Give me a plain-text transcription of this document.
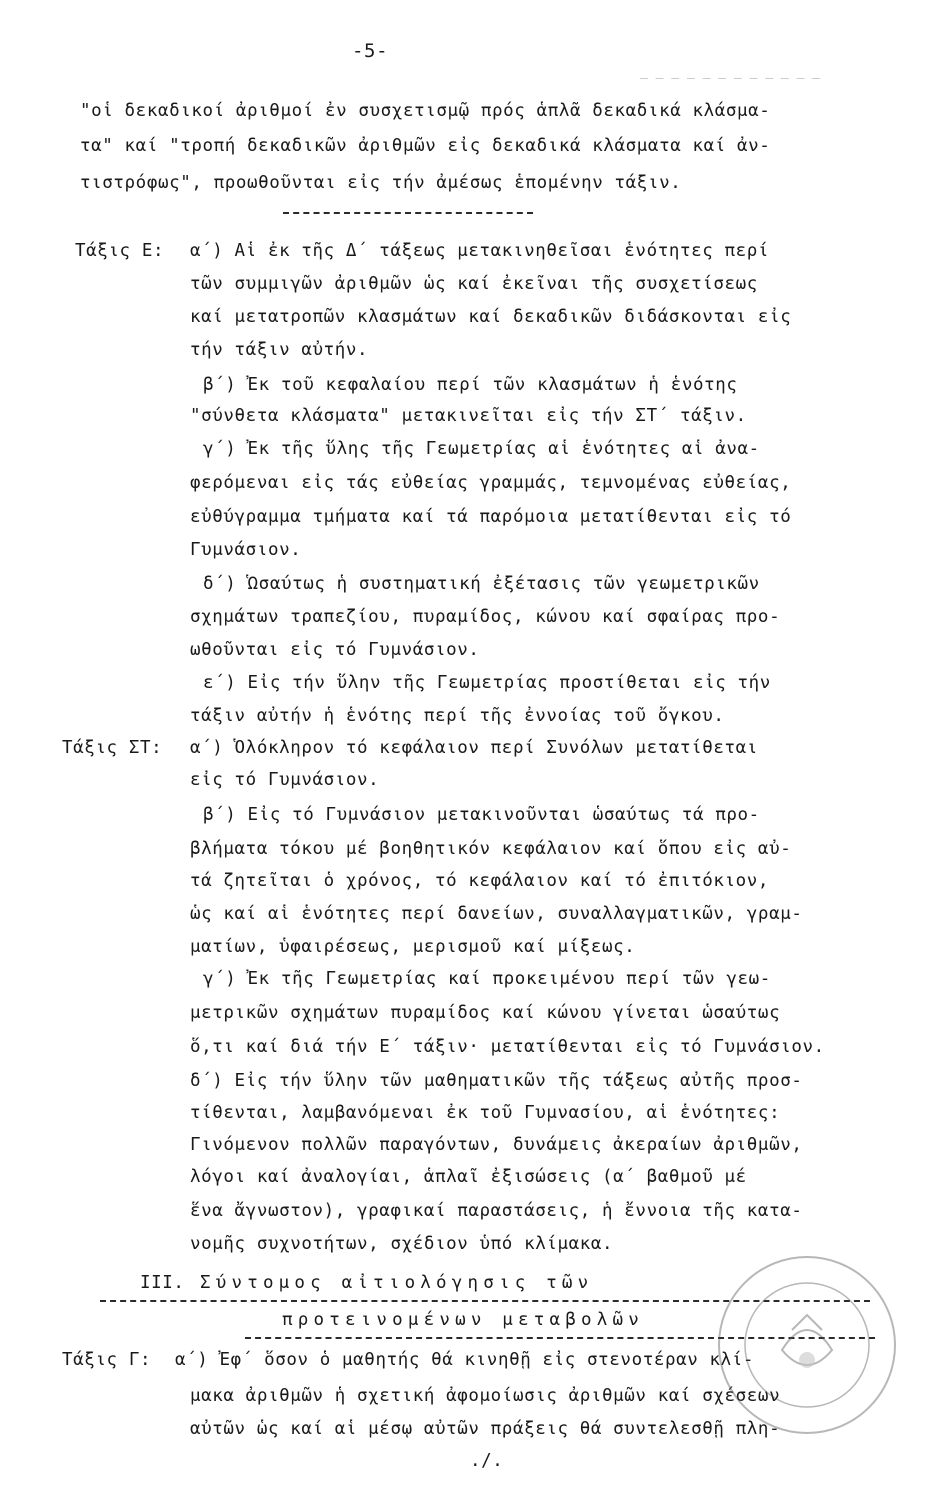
— — — — — — — — — — — —
-5-
"οἱ δεκαδικοί ἀριθμοί ἐν συσχετισμῷ πρός ἁπλᾶ δεκαδικά κλάσμα-
τα" καί "τροπή δεκαδικῶν ἀριθμῶν εἰς δεκαδικά κλάσματα καί ἀν-
τιστρόφως", προωθοῦνται εἰς τήν ἀμέσως ἑπομένην τάξιν.
Τάξις Ε: α΄) Αἱ ἐκ τῆς Δ΄ τάξεως μετακινηθεῖσαι ἑνότητες περί
τῶν συμμιγῶν ἀριθμῶν ὡς καί ἐκεῖναι τῆς συσχετίσεως
καί μετατροπῶν κλασμάτων καί δεκαδικῶν διδάσκονται εἰς
τήν τάξιν αὐτήν.
β΄) Ἐκ τοῦ κεφαλαίου περί τῶν κλασμάτων ἡ ἑνότης
"σύνθετα κλάσματα" μετακινεῖται εἰς τήν ΣΤ΄ τάξιν.
γ΄) Ἐκ τῆς ὕλης τῆς Γεωμετρίας αἱ ἑνότητες αἱ ἀνα-
φερόμεναι εἰς τάς εὐθείας γραμμάς, τεμνομένας εὐθείας,
εὐθύγραμμα τμήματα καί τά παρόμοια μετατίθενται εἰς τό
Γυμνάσιον.
δ΄) Ὡσαύτως ἡ συστηματική ἐξέτασις τῶν γεωμετρικῶν
σχημάτων τραπεζίου, πυραμίδος, κώνου καί σφαίρας προ-
ωθοῦνται εἰς τό Γυμνάσιον.
ε΄) Εἰς τήν ὕλην τῆς Γεωμετρίας προστίθεται εἰς τήν
τάξιν αὐτήν ἡ ἑνότης περί τῆς ἐννοίας τοῦ ὄγκου.
Τάξις ΣΤ: α΄) Ὁλόκληρον τό κεφάλαιον περί Συνόλων μετατίθεται
εἰς τό Γυμνάσιον.
β΄) Εἰς τό Γυμνάσιον μετακινοῦνται ὡσαύτως τά προ-
βλήματα τόκου μέ βοηθητικόν κεφάλαιον καί ὅπου εἰς αὐ-
τά ζητεῖται ὁ χρόνος, τό κεφάλαιον καί τό ἐπιτόκιον,
ὡς καί αἱ ἑνότητες περί δανείων, συναλλαγματικῶν, γραμ-
ματίων, ὑφαιρέσεως, μερισμοῦ καί μίξεως.
γ΄) Ἐκ τῆς Γεωμετρίας καί προκειμένου περί τῶν γεω-
μετρικῶν σχημάτων πυραμίδος καί κώνου γίνεται ὡσαύτως
ὅ,τι καί διά τήν Ε΄ τάξιν· μετατίθενται εἰς τό Γυμνάσιον.
δ΄) Εἰς τήν ὕλην τῶν μαθηματικῶν τῆς τάξεως αὐτῆς προσ-
τίθενται, λαμβανόμεναι ἐκ τοῦ Γυμνασίου, αἱ ἑνότητες:
Γινόμενον πολλῶν παραγόντων, δυνάμεις ἀκεραίων ἀριθμῶν,
λόγοι καί ἀναλογίαι, ἁπλαῖ ἐξισώσεις (α΄ βαθμοῦ μέ
ἕνα ἄγνωστον), γραφικαί παραστάσεις, ἡ ἔννοια τῆς κατα-
νομῆς συχνοτήτων, σχέδιον ὑπό κλίμακα.
III. Σύντομος αἰτιολόγησις τῶν
προτεινομένων μεταβολῶν
Τάξις Γ: α΄) Ἐφ΄ ὅσον ὁ μαθητής θά κινηθῇ εἰς στενοτέραν κλί-
μακα ἀριθμῶν ἡ σχετική ἀφομοίωσις ἀριθμῶν καί σχέσεων
αὐτῶν ὡς καί αἱ μέσῳ αὐτῶν πράξεις θά συντελεσθῇ πλη-
./.
